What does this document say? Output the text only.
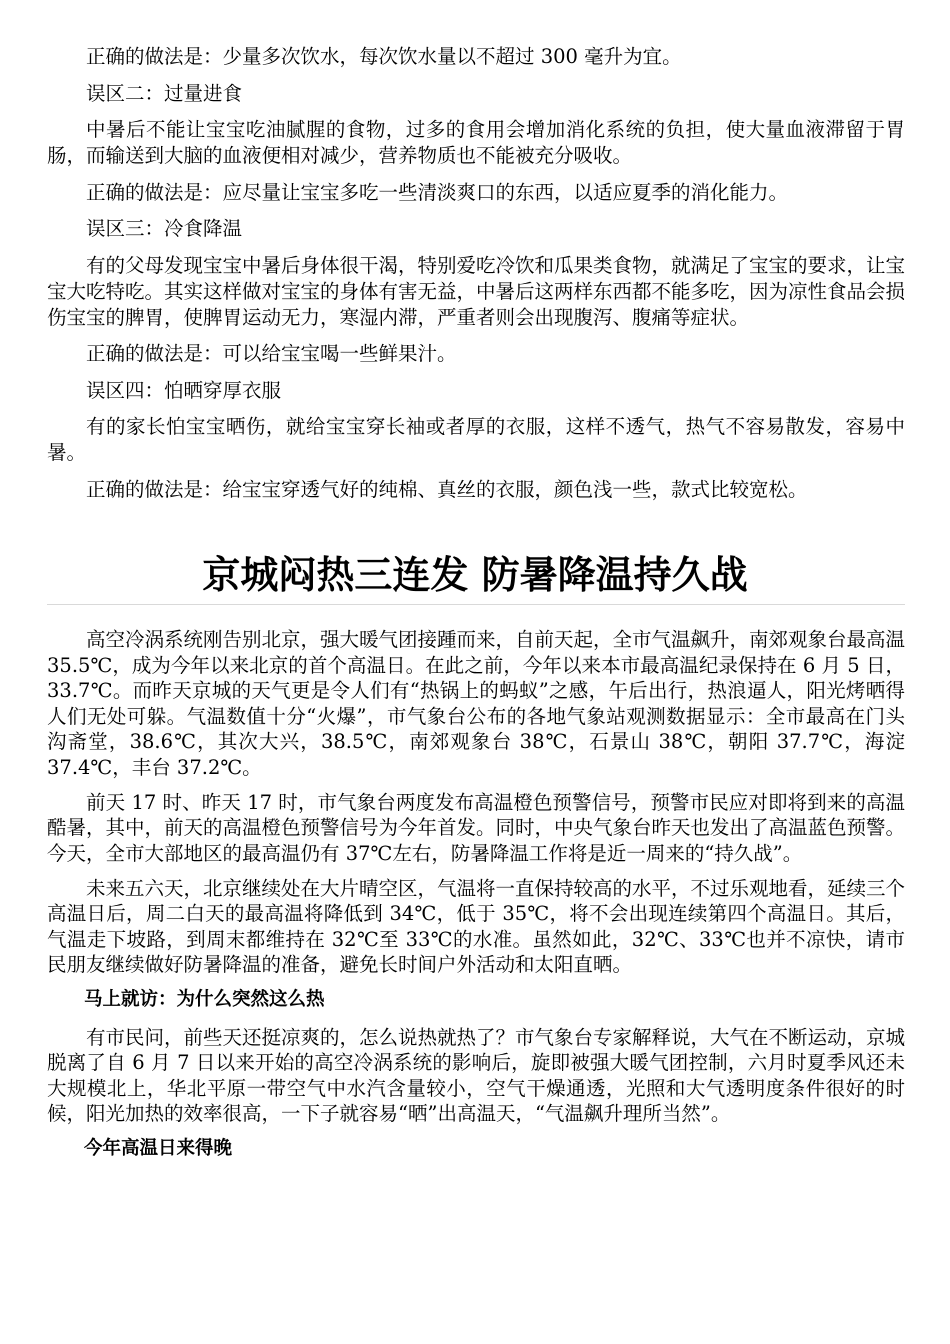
正确的做法是：少量多次饮水，每次饮水量以不超过 300 毫升为宜。

误区二：过量进食

中暑后不能让宝宝吃油腻腥的食物，过多的食用会增加消化系统的负担，使大量血液滞留于胃肠，而输送到大脑的血液便相对减少，营养物质也不能被充分吸收。

正确的做法是：应尽量让宝宝多吃一些清淡爽口的东西，以适应夏季的消化能力。

误区三：冷食降温

有的父母发现宝宝中暑后身体很干渴，特别爱吃冷饮和瓜果类食物，就满足了宝宝的要求，让宝宝大吃特吃。其实这样做对宝宝的身体有害无益，中暑后这两样东西都不能多吃，因为凉性食品会损伤宝宝的脾胃，使脾胃运动无力，寒湿内滞，严重者则会出现腹泻、腹痛等症状。

正确的做法是：可以给宝宝喝一些鲜果汁。

误区四：怕晒穿厚衣服

有的家长怕宝宝晒伤，就给宝宝穿长袖或者厚的衣服，这样不透气，热气不容易散发，容易中暑。

正确的做法是：给宝宝穿透气好的纯棉、真丝的衣服，颜色浅一些，款式比较宽松。

京城闷热三连发 防暑降温持久战

高空冷涡系统刚告别北京，强大暖气团接踵而来，自前天起，全市气温飙升，南郊观象台最高温 35.5℃，成为今年以来北京的首个高温日。在此之前，今年以来本市最高温纪录保持在 6 月 5 日，33.7℃。而昨天京城的天气更是令人们有“热锅上的蚂蚁”之感，午后出行，热浪逼人，阳光烤晒得人们无处可躲。气温数值十分“火爆”，市气象台公布的各地气象站观测数据显示：全市最高在门头沟斋堂，38.6℃，其次大兴，38.5℃，南郊观象台 38℃，石景山 38℃，朝阳 37.7℃，海淀 37.4℃，丰台 37.2℃。

前天 17 时、昨天 17 时，市气象台两度发布高温橙色预警信号，预警市民应对即将到来的高温酷暑，其中，前天的高温橙色预警信号为今年首发。同时，中央气象台昨天也发出了高温蓝色预警。今天，全市大部地区的最高温仍有 37℃左右，防暑降温工作将是近一周来的“持久战”。

未来五六天，北京继续处在大片晴空区，气温将一直保持较高的水平，不过乐观地看，延续三个高温日后，周二白天的最高温将降低到 34℃，低于 35℃，将不会出现连续第四个高温日。其后，气温走下坡路，到周末都维持在 32℃至 33℃的水准。虽然如此，32℃、33℃也并不凉快，请市民朋友继续做好防暑降温的准备，避免长时间户外活动和太阳直晒。

马上就访：为什么突然这么热

有市民问，前些天还挺凉爽的，怎么说热就热了？市气象台专家解释说，大气在不断运动，京城脱离了自 6 月 7 日以来开始的高空冷涡系统的影响后，旋即被强大暖气团控制，六月时夏季风还未大规模北上，华北平原一带空气中水汽含量较小，空气干燥通透，光照和大气透明度条件很好的时候，阳光加热的效率很高，一下子就容易“晒”出高温天，“气温飙升理所当然”。

今年高温日来得晚
